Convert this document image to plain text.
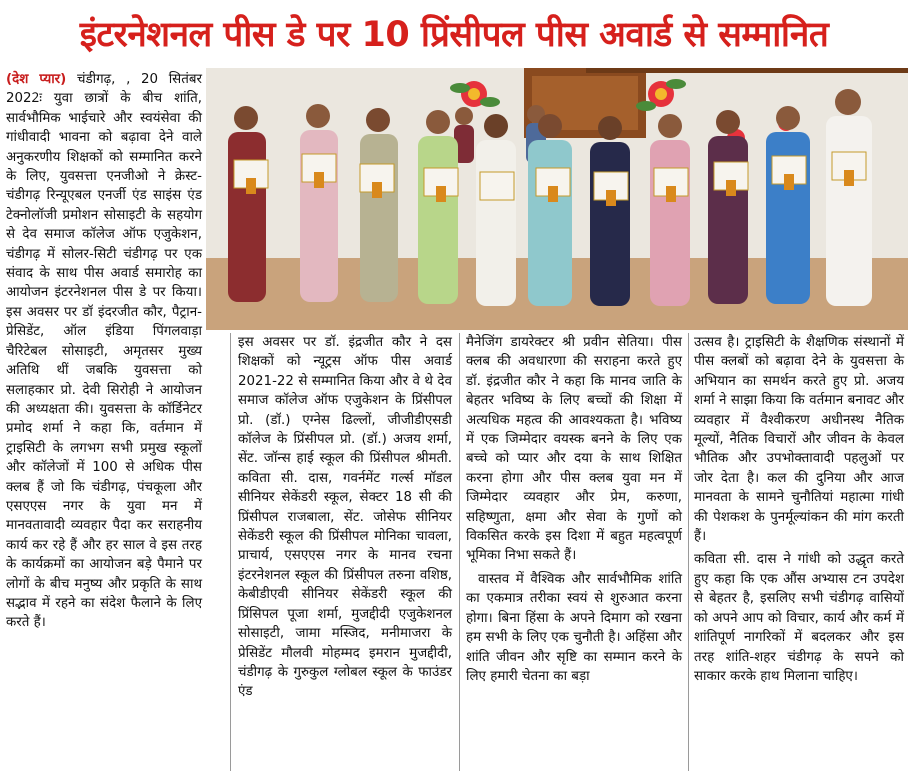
इंटरनेशनल पीस डे पर 10 प्रिंसीपल पीस अवार्ड से सम्मानित

(देश प्यार) चंडीगढ़, , 20 सितंबर 2022ः युवा छात्रों के बीच शांति, सार्वभौमिक भाईचारे और स्वयंसेवा की गांधीवादी भावना को बढ़ावा देने वाले अनुकरणीय शिक्षकों को सम्मानित करने के लिए, युवसत्ता एनजीओ ने क्रेस्ट-चंडीगढ़ रिन्यूएबल एनर्जी एंड साइंस एंड टेक्नोलॉजी प्रमोशन सोसाइटी के सहयोग से देव समाज कॉलेज ऑफ एजुकेशन, चंडीगढ़ में सोलर-सिटी चंडीगढ़ पर एक संवाद के साथ पीस अवार्ड समारोह का आयोजन इंटरनेशनल पीस डे पर किया। इस अवसर पर डॉ इंदरजीत कौर, पैट्रान-प्रेसिडेंट, ऑल इंडिया पिंगलवाड़ा चैरिटेबल सोसाइटी, अमृतसर मुख्य अतिथि थीं जबकि युवसत्ता को सलाहकार प्रो. देवी सिरोही ने आयोजन की अध्यक्षता की। युवसत्ता के कॉर्डिनेटर प्रमोद शर्मा ने कहा कि, वर्तमान में ट्राइसिटी के लगभग सभी प्रमुख स्कूलों और कॉलेजों में 100 से अधिक पीस क्लब हैं जो कि चंडीगढ़, पंचकूला और एसएएस नगर के युवा मन में मानवतावादी व्यवहार पैदा कर सराहनीय कार्य कर रहे हैं और हर साल वे इस तरह के कार्यक्रमों का आयोजन बड़े पैमाने पर लोगों के बीच मनुष्य और प्रकृति के साथ सद्भाव में रहने का संदेश फैलाने के लिए करते हैं।

इस अवसर पर डॉ. इंद्रजीत कौर ने दस शिक्षकों को न्यूट्रस ऑफ पीस अवार्ड 2021-22 से सम्मानित किया और वे थे देव समाज कॉलेज ऑफ एजुकेशन के प्रिंसीपल प्रो. (डॉ.) एग्नेस ढिल्लों, जीजीडीएसडी कॉलेज के प्रिंसीपल प्रो. (डॉ.) अजय शर्मा, सेंट. जॉन्स हाई स्कूल की प्रिंसीपल श्रीमती. कविता सी. दास, गवर्नमेंट गर्ल्स मॉडल सीनियर सेकेंडरी स्कूल, सेक्टर 18 सी की प्रिंसीपल राजबाला, सेंट. जोसेफ सीनियर सेकेंडरी स्कूल की प्रिंसीपल मोनिका चावला, प्राचार्य, एसएएस नगर के मानव रचना इंटरनेशनल स्कूल की प्रिंसीपल तरुना वशिष्ठ, केबीडीएवी सीनियर सेकेंडरी स्कूल की प्रिंसिपल पूजा शर्मा, मुजद्दीदी एजुकेशनल सोसाइटी, जामा मस्जिद, मनीमाजरा के प्रेसिडेंट मौलवी मोहम्मद इमरान मुजद्दीदी, चंडीगढ़ के गुरुकुल ग्लोबल स्कूल के फाउंडर एंड

मैनेजिंग डायरेक्टर श्री प्रवीन सेतिया। पीस क्लब की अवधारणा की सराहना करते हुए डॉ. इंद्रजीत कौर ने कहा कि मानव जाति के बेहतर भविष्य के लिए बच्चों की शिक्षा में अत्यधिक महत्व की आवश्यकता है। भविष्य में एक जिम्मेदार वयस्क बनने के लिए एक बच्चे को प्यार और दया के साथ शिक्षित करना होगा और पीस क्लब युवा मन में जिम्मेदार व्यवहार और प्रेम, करुणा, सहिष्णुता, क्षमा और सेवा के गुणों को विकसित करके इस दिशा में बहुत महत्वपूर्ण भूमिका निभा सकते हैं।

वास्तव में वैश्विक और सार्वभौमिक शांति का एकमात्र तरीका स्वयं से शुरुआत करना होगा। बिना हिंसा के अपने दिमाग को रखना हम सभी के लिए एक चुनौती है। अहिंसा और शांति जीवन और सृष्टि का सम्मान करने के लिए हमारी चेतना का बड़ा

उत्सव है। ट्राइसिटी के शैक्षणिक संस्थानों में पीस क्लबों को बढ़ावा देने के युवसत्ता के अभियान का समर्थन करते हुए प्रो. अजय शर्मा ने साझा किया कि वर्तमान बनावट और व्यवहार में वैश्वीकरण अधीनस्थ नैतिक मूल्यों, नैतिक विचारों और जीवन के केवल भौतिक और उपभोक्तावादी पहलुओं पर जोर देता है। कल की दुनिया और आज मानवता के सामने चुनौतियां महात्मा गांधी की पेशकश के पुनर्मूल्यांकन की मांग करती हैं।

कविता सी. दास ने गांधी को उद्धृत करते हुए कहा कि एक औंस अभ्यास टन उपदेश से बेहतर है, इसलिए सभी चंडीगढ़ वासियों को अपने आप को विचार, कार्य और कर्म में शांतिपूर्ण नागरिकों में बदलकर और इस तरह शांति-शहर चंडीगढ़ के सपने को साकार करके हाथ मिलाना चाहिए।
